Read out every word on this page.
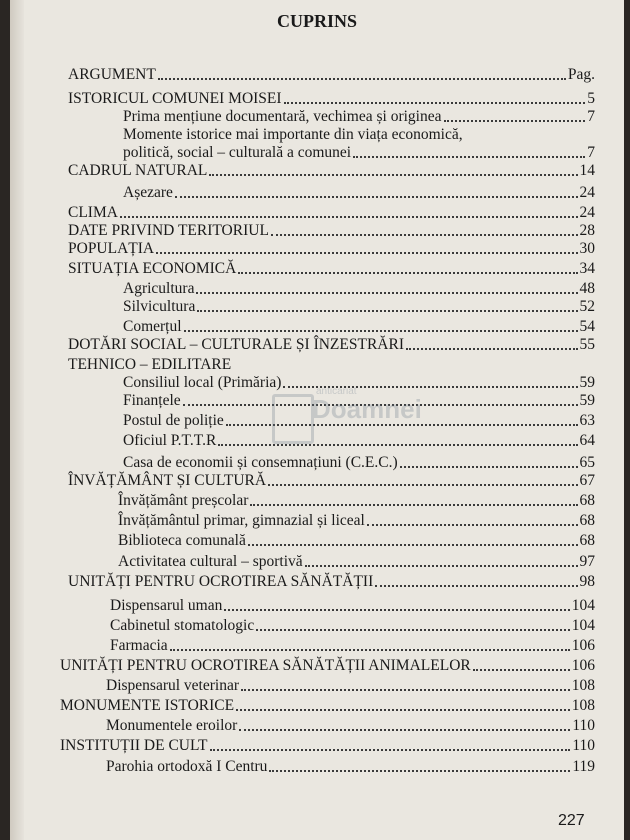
CUPRINS
ARGUMENT	Pag.
ISTORICUL COMUNEI MOISEI	5
Prima mențiune documentară, vechimea și originea	7
Momente istorice mai importante din viața economică,
politică, social – culturală a comunei	7
CADRUL NATURAL	14
Așezare	24
CLIMA	24
DATE PRIVIND TERITORIUL	28
POPULAȚIA	30
SITUAȚIA ECONOMICĂ	34
Agricultura	48
Silvicultura	52
Comerțul	54
DOTĂRI SOCIAL – CULTURALE ȘI ÎNZESTRĂRI	55
TEHNICO – EDILITARE
Consiliul local (Primăria)	59
Finanțele	59
Postul de poliție	63
Oficiul P.T.T.R	64
Casa de economii și consemnațiuni (C.E.C.)	65
ÎNVĂȚĂMÂNT ȘI CULTURĂ	67
Învățământ preșcolar	68
Învățământul primar, gimnazial și liceal	68
Biblioteca comunală	68
Activitatea cultural – sportivă	97
UNITĂȚI PENTRU OCROTIREA SĂNĂTĂȚII	98
Dispensarul uman	104
Cabinetul stomatologic	104
Farmacia	106
UNITĂȚI PENTRU OCROTIREA SĂNĂTĂȚII ANIMALELOR	106
Dispensarul veterinar	108
MONUMENTE ISTORICE	108
Monumentele eroilor	110
INSTITUȚII DE CULT	110
Parohia ortodoxă I Centru	119
anticariat
Doamnei
227
